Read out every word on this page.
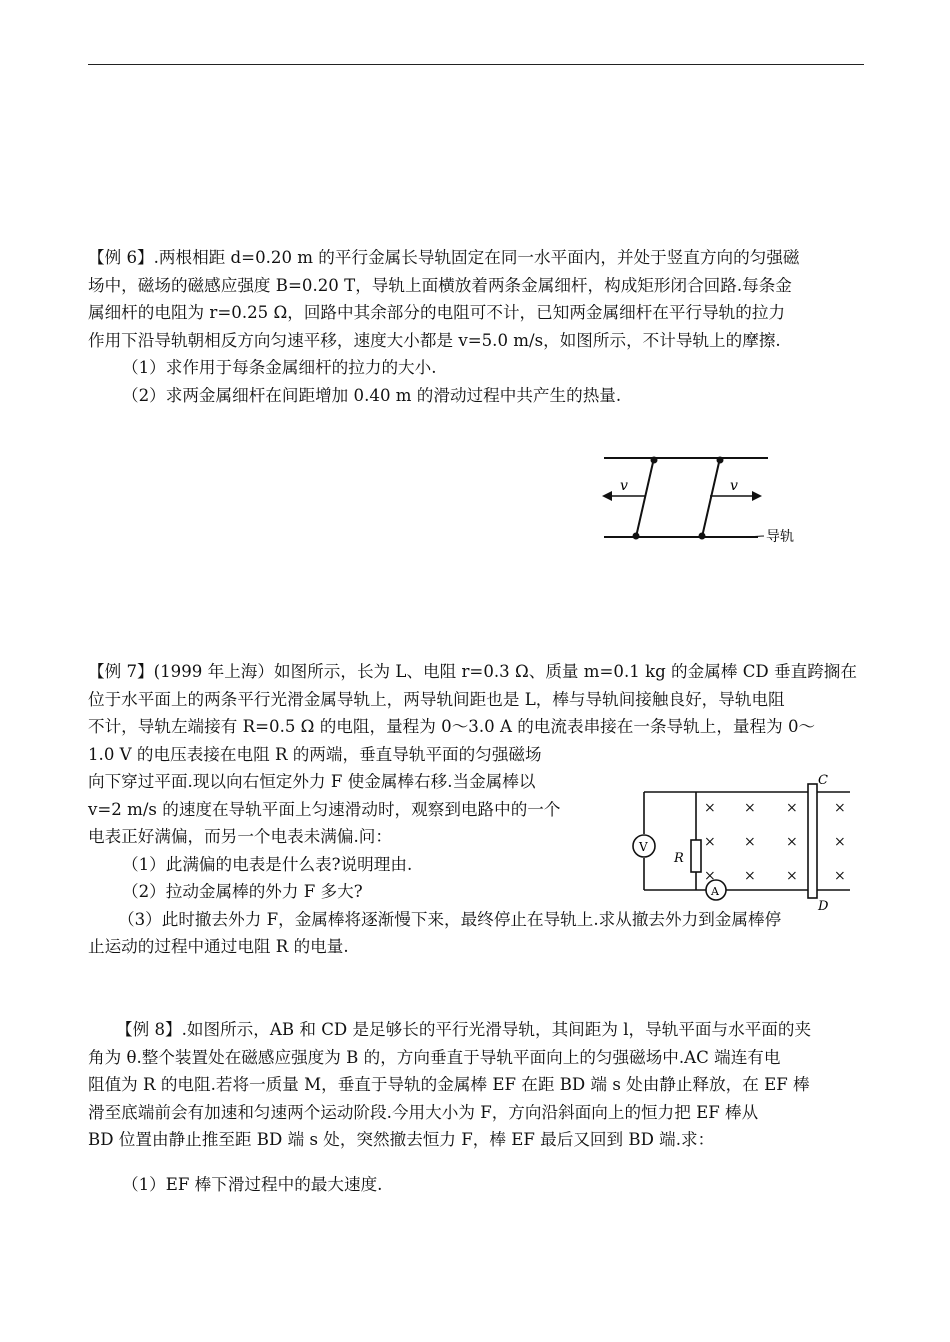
【例 6】.两根相距 d=0.20 m 的平行金属长导轨固定在同一水平面内，并处于竖直方向的匀强磁
场中，磁场的磁感应强度 B=0.20 T，导轨上面横放着两条金属细杆，构成矩形闭合回路.每条金
属细杆的电阻为 r=0.25 Ω，回路中其余部分的电阻可不计，已知两金属细杆在平行导轨的拉力
作用下沿导轨朝相反方向匀速平移，速度大小都是 v=5.0 m/s，如图所示，不计导轨上的摩擦.
（1）求作用于每条金属细杆的拉力的大小.
（2）求两金属细杆在间距增加 0.40 m 的滑动过程中共产生的热量.
v	v
导轨
【例 7】(1999 年上海）如图所示，长为 L、电阻 r=0.3 Ω、质量 m=0.1 kg 的金属棒 CD 垂直跨搁在
位于水平面上的两条平行光滑金属导轨上，两导轨间距也是 L，棒与导轨间接触良好，导轨电阻
不计，导轨左端接有 R=0.5 Ω 的电阻，量程为 0～3.0 A 的电流表串接在一条导轨上，量程为 0～
1.0 V 的电压表接在电阻 R 的两端，垂直导轨平面的匀强磁场
向下穿过平面.现以向右恒定外力 F 使金属棒右移.当金属棒以
v=2 m/s 的速度在导轨平面上匀速滑动时，观察到电路中的一个
电表正好满偏，而另一个电表未满偏.问：
（1）此满偏的电表是什么表?说明理由.
（2）拉动金属棒的外力 F 多大?
（3）此时撤去外力 F，金属棒将逐渐慢下来，最终停止在导轨上.求从撤去外力到金属棒停
止运动的过程中通过电阻 R 的电量.
V
R
A
C
D
× × ×	×
× × ×	×
× × ×	×
【例 8】.如图所示，AB 和 CD 是足够长的平行光滑导轨，其间距为 l，导轨平面与水平面的夹
角为 θ.整个装置处在磁感应强度为 B 的，方向垂直于导轨平面向上的匀强磁场中.AC 端连有电
阻值为 R 的电阻.若将一质量 M，垂直于导轨的金属棒 EF 在距 BD 端 s 处由静止释放，在 EF 棒
滑至底端前会有加速和匀速两个运动阶段.今用大小为 F，方向沿斜面向上的恒力把 EF 棒从
BD 位置由静止推至距 BD 端 s 处，突然撤去恒力 F，棒 EF 最后又回到 BD 端.求：
（1）EF 棒下滑过程中的最大速度.
